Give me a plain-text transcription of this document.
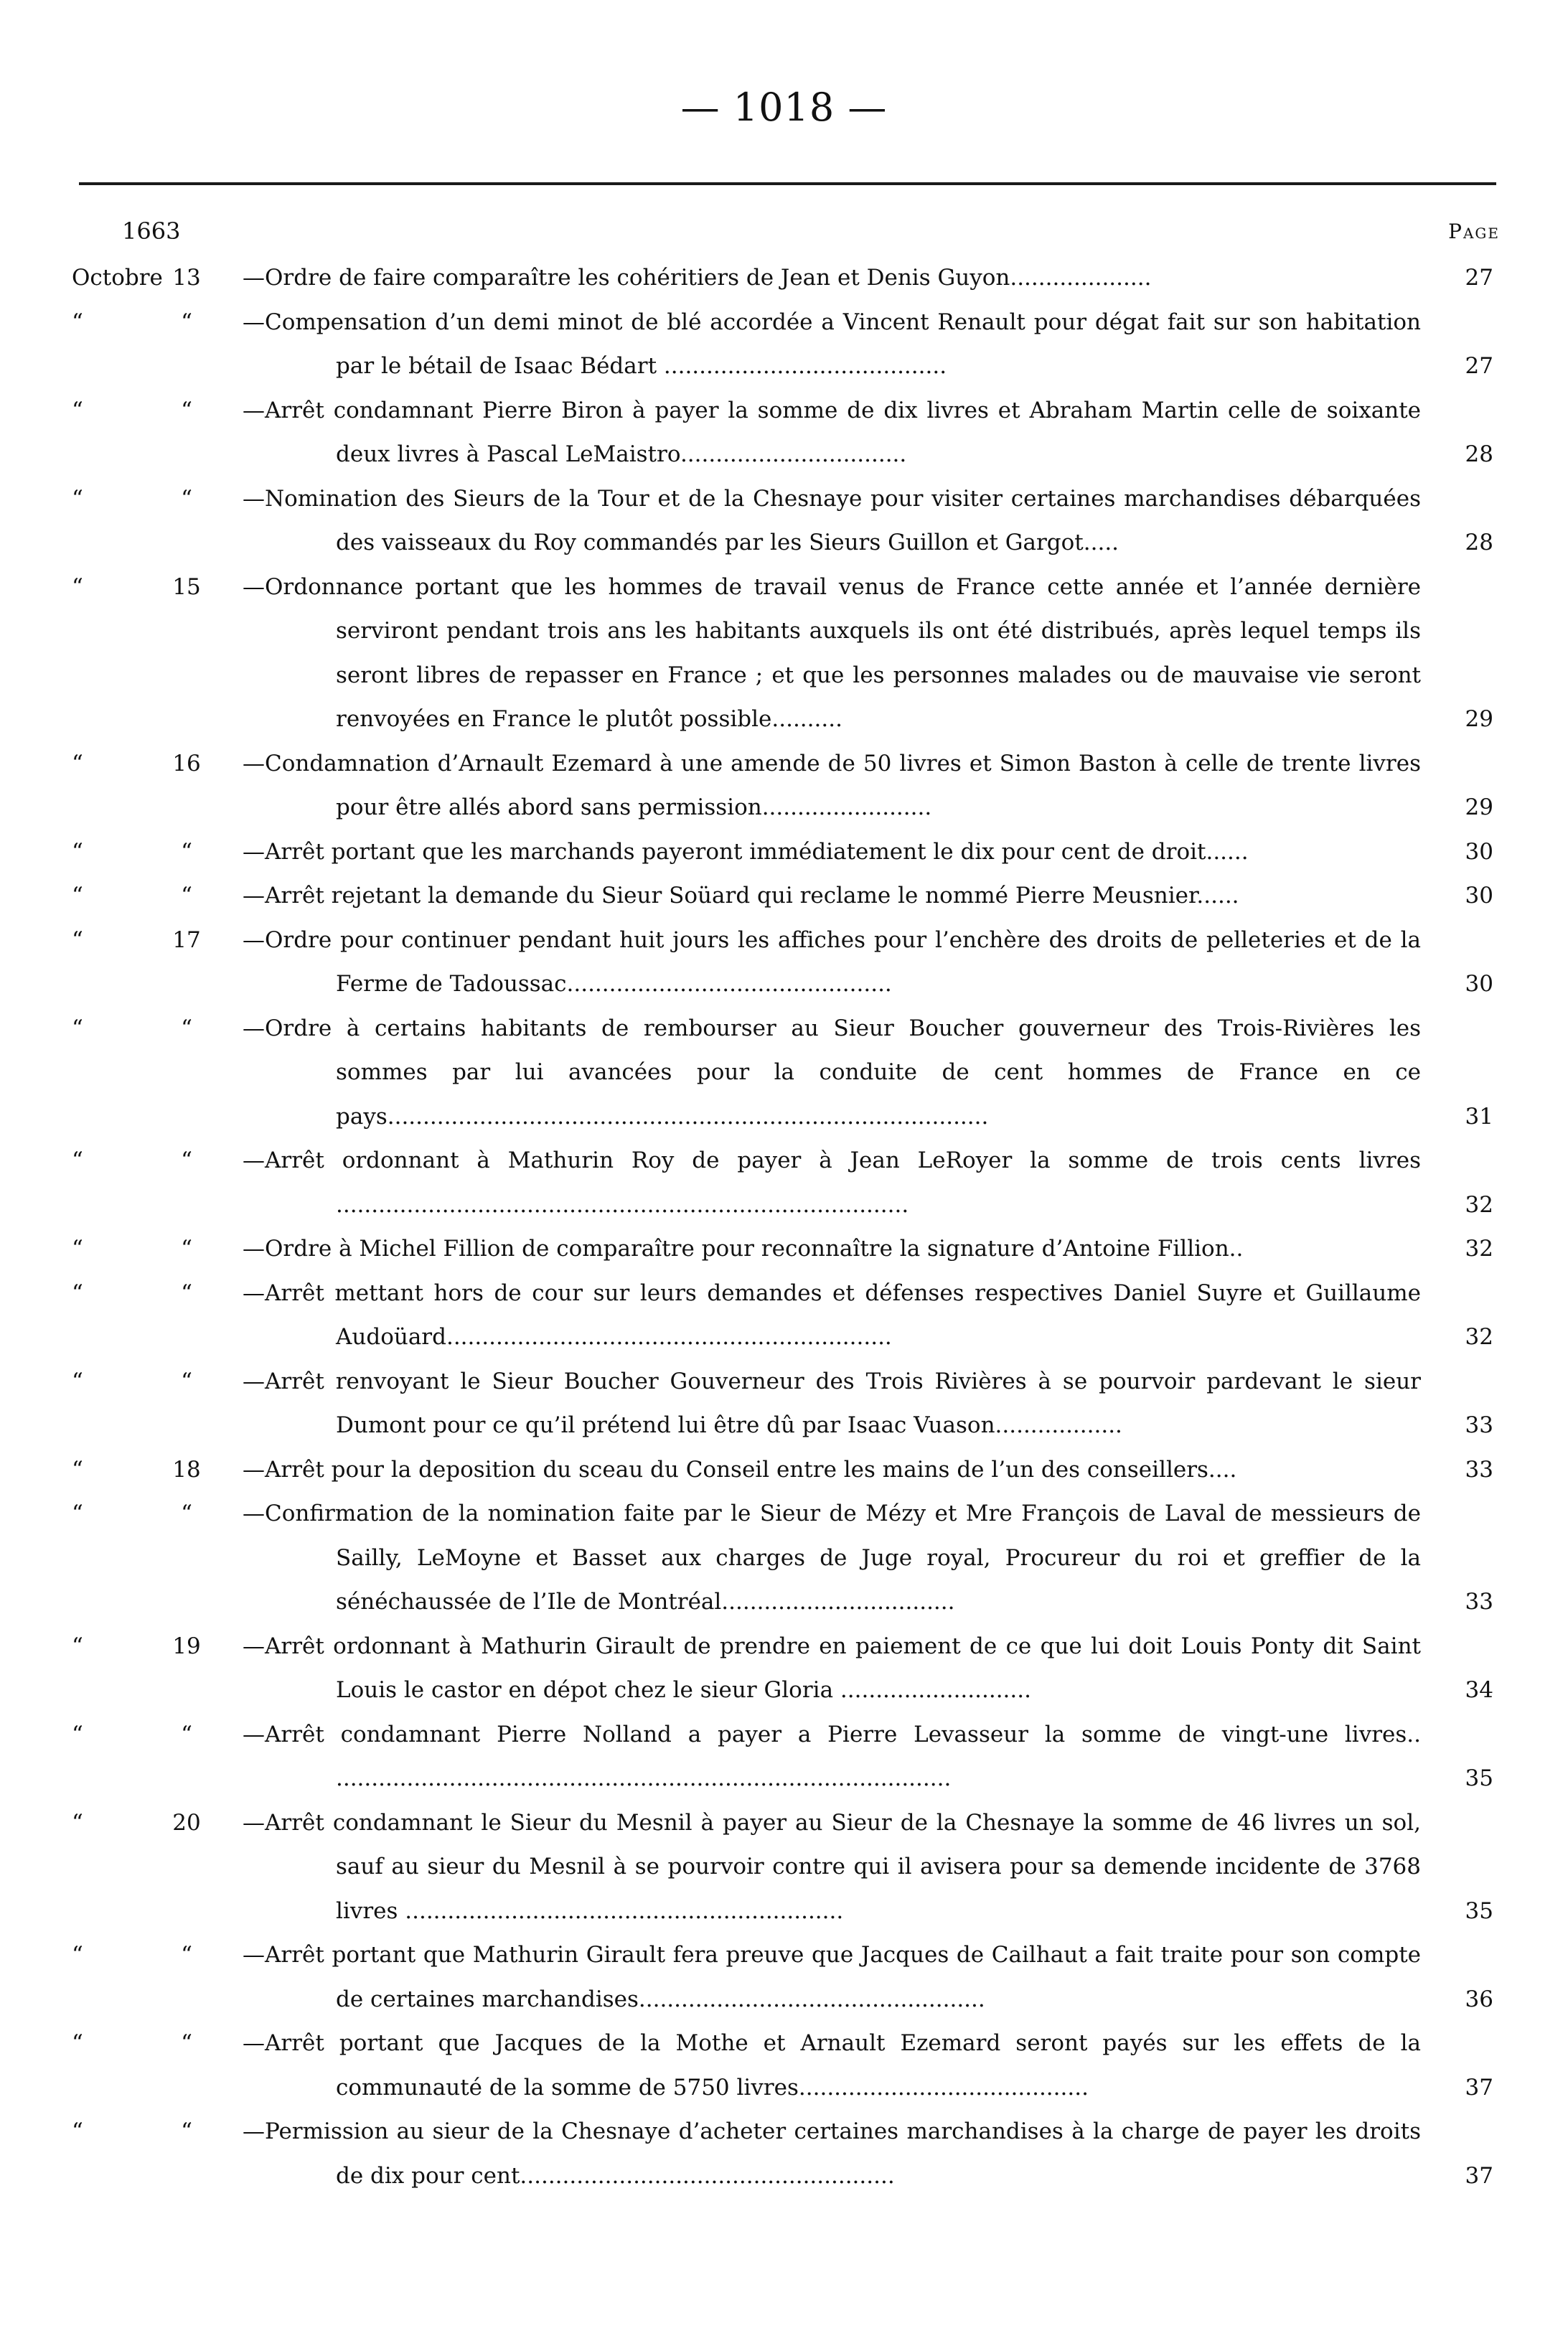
— 1018 —
1663	Page
Octobre 13	—Ordre de faire comparaître les cohéritiers de Jean et Denis Guyon....................	27
“	“	—Compensation d’un demi minot de blé accordée a Vincent Renault pour dégat fait sur son habitation par le bétail de Isaac Bédart ........................................	27
“	“	—Arrêt condamnant Pierre Biron à payer la somme de dix livres et Abraham Martin celle de soixante deux livres à Pascal LeMaistro................................	28
“	“	—Nomination des Sieurs de la Tour et de la Chesnaye pour visiter certaines marchandises débarquées des vaisseaux du Roy commandés par les Sieurs Guillon et Gargot.....	28
“	15	—Ordonnance portant que les hommes de travail venus de France cette année et l’année dernière serviront pendant trois ans les habitants auxquels ils ont été distribués, après lequel temps ils seront libres de repasser en France ; et que les personnes malades ou de mauvaise vie seront renvoyées en France le plutôt possible..........	29
“	16	—Condamnation d’Arnault Ezemard à une amende de 50 livres et Simon Baston à celle de trente livres pour être allés abord sans permission........................	29
“	“	—Arrêt portant que les marchands payeront immédiatement le dix pour cent de droit......	30
“	“	—Arrêt rejetant la demande du Sieur Soüard qui reclame le nommé Pierre Meusnier......	30
“	17	—Ordre pour continuer pendant huit jours les affiches pour l’enchère des droits de pelleteries et de la Ferme de Tadoussac..............................................	30
“	“	—Ordre à certains habitants de rembourser au Sieur Boucher gouverneur des Trois-Rivières les sommes par lui avancées pour la conduite de cent hommes de France en ce pays.....................................................................................	31
“	“	—Arrêt ordonnant à Mathurin Roy de payer à Jean LeRoyer la somme de trois cents livres .................................................................................	32
“	“	—Ordre à Michel Fillion de comparaître pour reconnaître la signature d’Antoine Fillion..	32
“	“	—Arrêt mettant hors de cour sur leurs demandes et défenses respectives Daniel Suyre et Guillaume Audoüard...............................................................	32
“	“	—Arrêt renvoyant le Sieur Boucher Gouverneur des Trois Rivières à se pourvoir pardevant le sieur Dumont pour ce qu’il prétend lui être dû par Isaac Vuason..................	33
“	18	—Arrêt pour la deposition du sceau du Conseil entre les mains de l’un des conseillers....	33
“	“	—Confirmation de la nomination faite par le Sieur de Mézy et Mre François de Laval de messieurs de Sailly, LeMoyne et Basset aux charges de Juge royal, Procureur du roi et greffier de la sénéchaussée de l’Ile de Montréal.................................	33
“	19	—Arrêt ordonnant à Mathurin Girault de prendre en paiement de ce que lui doit Louis Ponty dit Saint Louis le castor en dépot chez le sieur Gloria ...........................	34
“	“	—Arrêt condamnant Pierre Nolland a payer a Pierre Levasseur la somme de vingt-une livres.. .......................................................................................	35
“	20	—Arrêt condamnant le Sieur du Mesnil à payer au Sieur de la Chesnaye la somme de 46 livres un sol, sauf au sieur du Mesnil à se pourvoir contre qui il avisera pour sa demende incidente de 3768 livres ..............................................................	35
“	“	—Arrêt portant que Mathurin Girault fera preuve que Jacques de Cailhaut a fait traite pour son compte de certaines marchandises.................................................	36
“	“	—Arrêt portant que Jacques de la Mothe et Arnault Ezemard seront payés sur les effets de la communauté de la somme de 5750 livres.........................................	37
“	“	—Permission au sieur de la Chesnaye d’acheter certaines marchandises à la charge de payer les droits de dix pour cent.....................................................	37
